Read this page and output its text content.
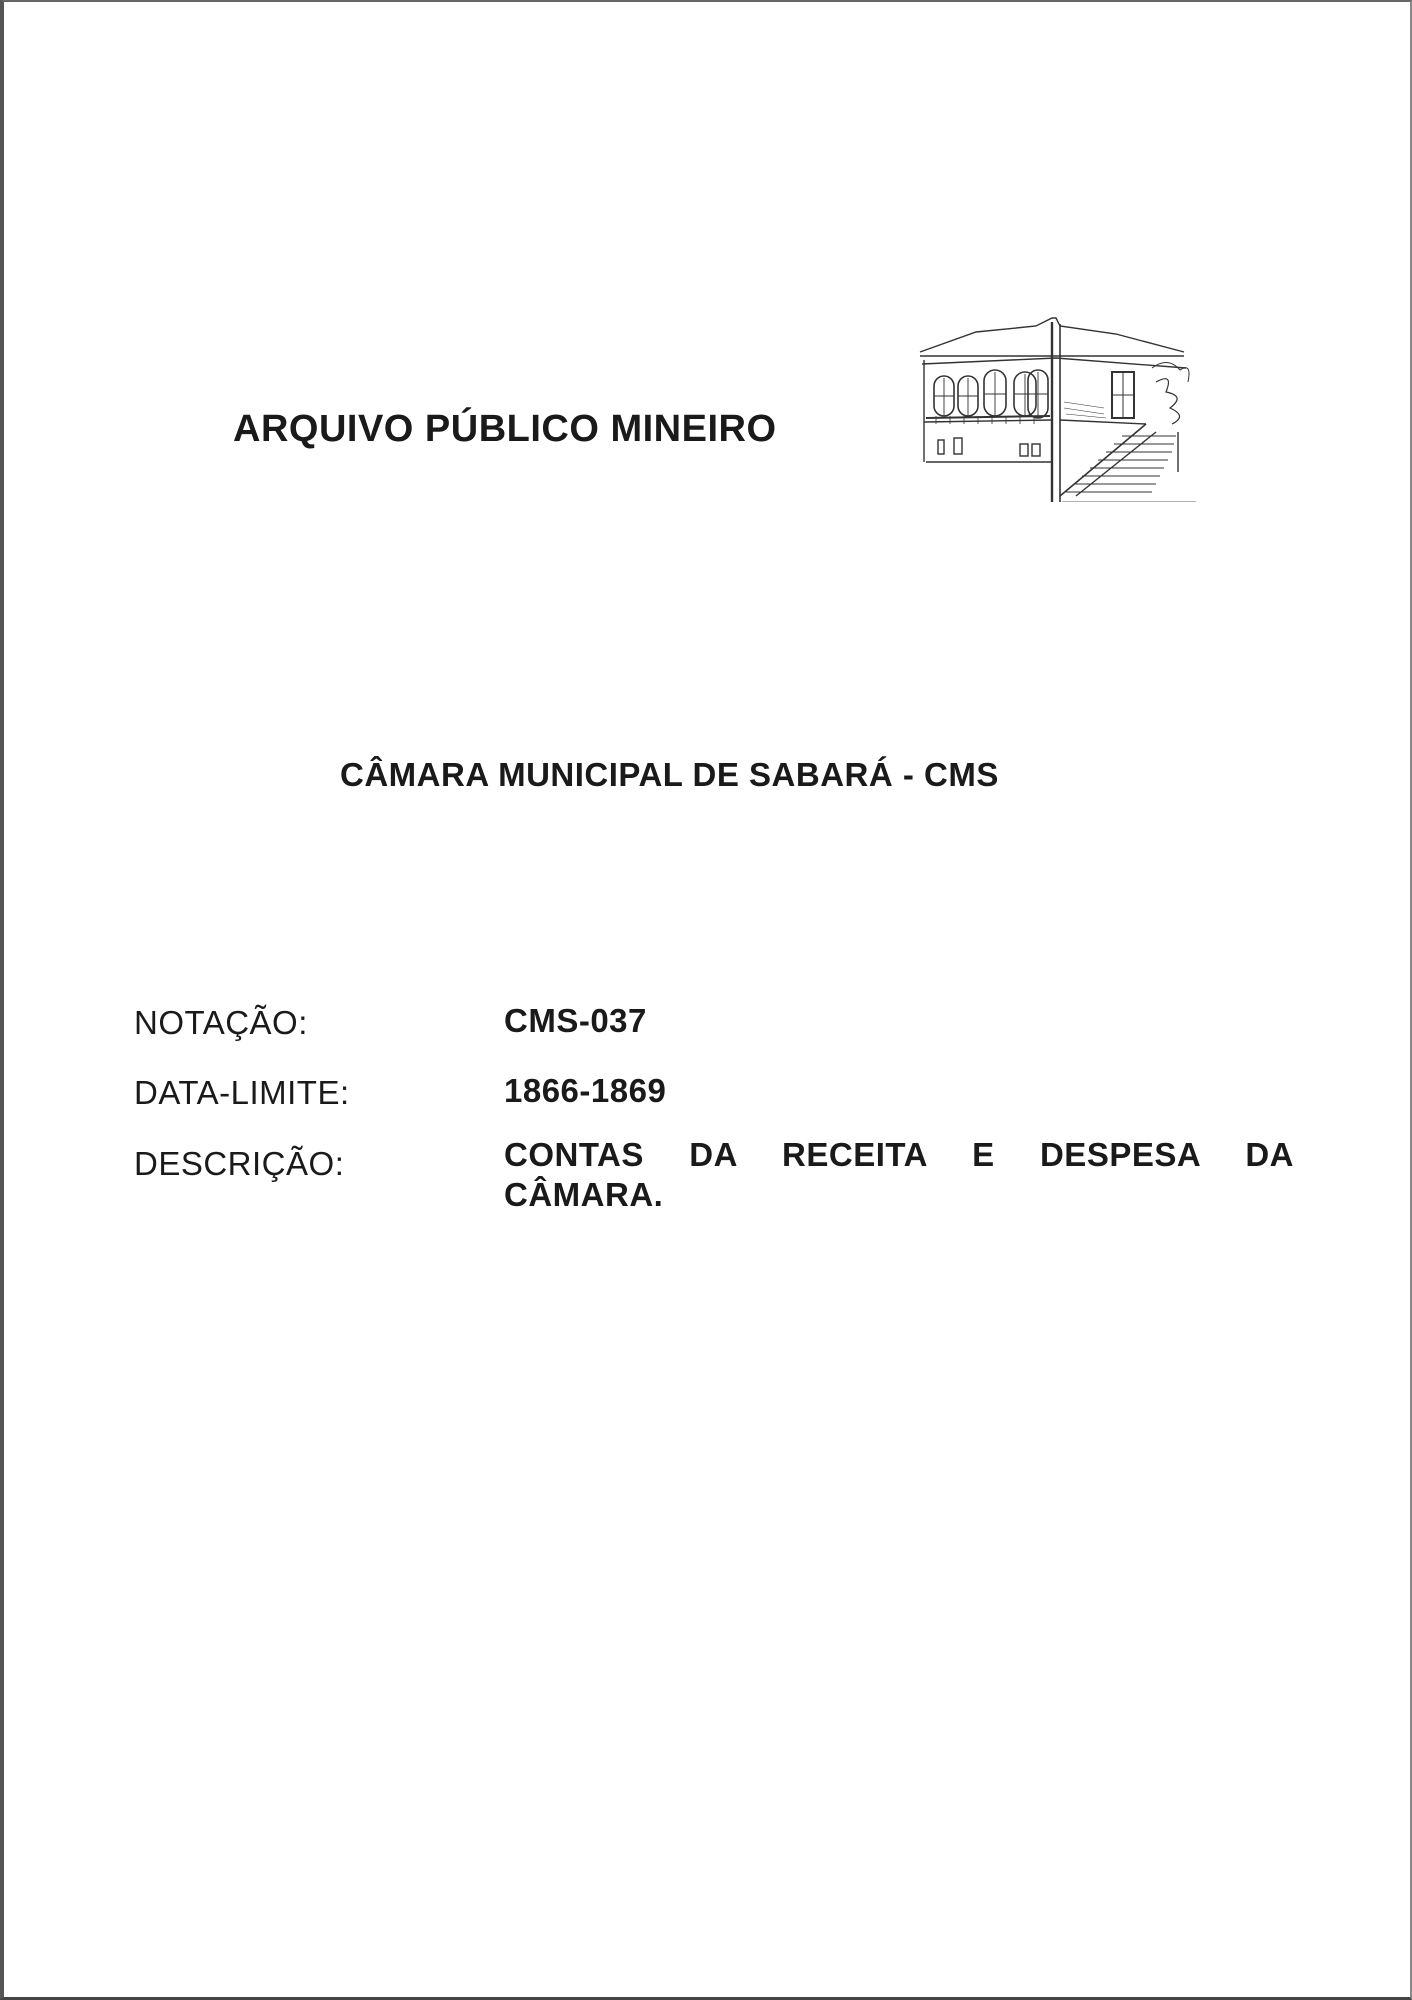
ARQUIVO PÚBLICO MINEIRO
CÂMARA MUNICIPAL DE SABARÁ - CMS
NOTAÇÃO:	CMS-037
DATA-LIMITE:	1866-1869
DESCRIÇÃO:	CONTAS DA RECEITA E DESPESA DA CÂMARA.
